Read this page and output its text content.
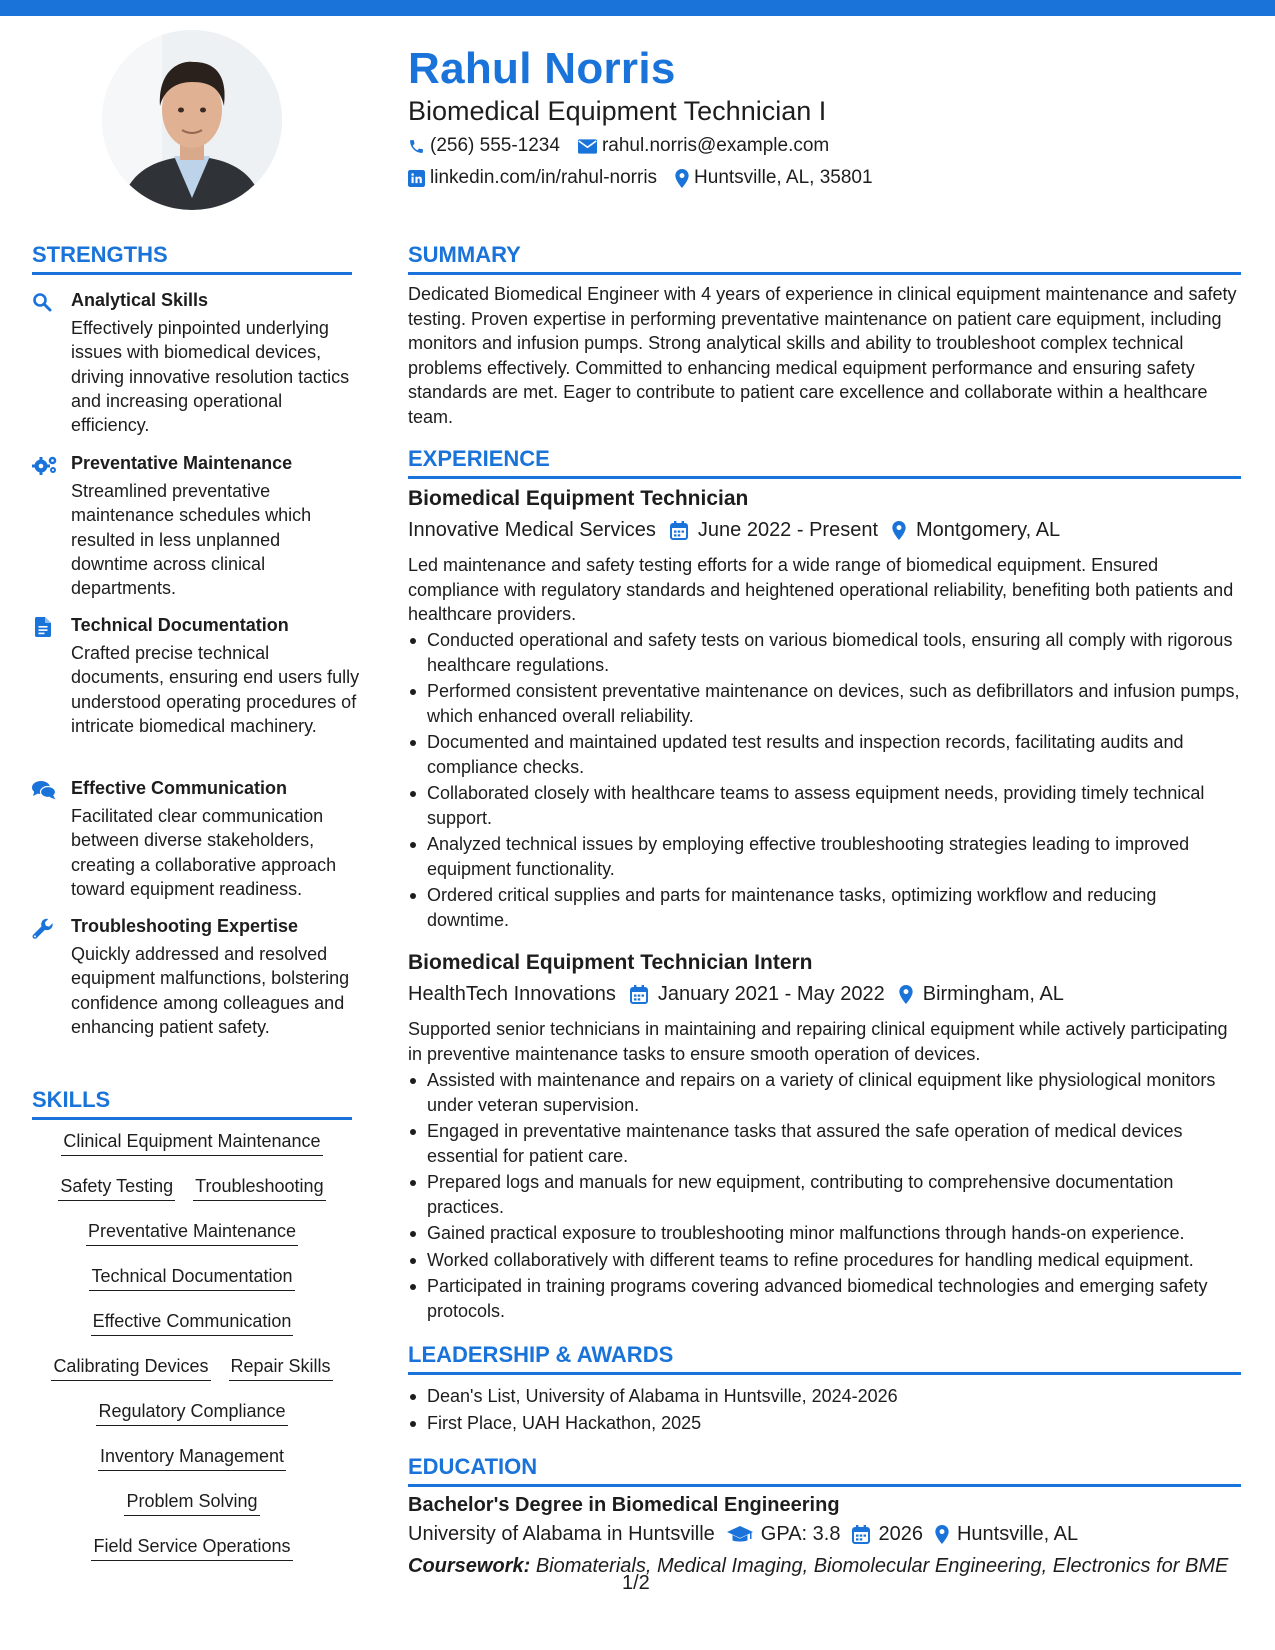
Rahul Norris
Biomedical Equipment Technician I
(256) 555-1234 rahul.norris@example.com
linkedin.com/in/rahul-norris Huntsville, AL, 35801
STRENGTHS
Analytical Skills
Effectively pinpointed underlying issues with biomedical devices, driving innovative resolution tactics and increasing operational efficiency.
Preventative Maintenance
Streamlined preventative maintenance schedules which resulted in less unplanned downtime across clinical departments.
Technical Documentation
Crafted precise technical documents, ensuring end users fully understood operating procedures of intricate biomedical machinery.
Effective Communication
Facilitated clear communication between diverse stakeholders, creating a collaborative approach toward equipment readiness.
Troubleshooting Expertise
Quickly addressed and resolved equipment malfunctions, bolstering confidence among colleagues and enhancing patient safety.
SKILLS
Clinical Equipment Maintenance
Safety Testing Troubleshooting
Preventative Maintenance
Technical Documentation
Effective Communication
Calibrating Devices Repair Skills
Regulatory Compliance
Inventory Management
Problem Solving
Field Service Operations
SUMMARY
Dedicated Biomedical Engineer with 4 years of experience in clinical equipment maintenance and safety testing. Proven expertise in performing preventative maintenance on patient care equipment, including monitors and infusion pumps. Strong analytical skills and ability to troubleshoot complex technical problems effectively. Committed to enhancing medical equipment performance and ensuring safety standards are met. Eager to contribute to patient care excellence and collaborate within a healthcare team.
EXPERIENCE
Biomedical Equipment Technician
Innovative Medical Services June 2022 - Present Montgomery, AL
Led maintenance and safety testing efforts for a wide range of biomedical equipment. Ensured compliance with regulatory standards and heightened operational reliability, benefiting both patients and healthcare providers.
Conducted operational and safety tests on various biomedical tools, ensuring all comply with rigorous healthcare regulations.
Performed consistent preventative maintenance on devices, such as defibrillators and infusion pumps, which enhanced overall reliability.
Documented and maintained updated test results and inspection records, facilitating audits and compliance checks.
Collaborated closely with healthcare teams to assess equipment needs, providing timely technical support.
Analyzed technical issues by employing effective troubleshooting strategies leading to improved equipment functionality.
Ordered critical supplies and parts for maintenance tasks, optimizing workflow and reducing downtime.
Biomedical Equipment Technician Intern
HealthTech Innovations January 2021 - May 2022 Birmingham, AL
Supported senior technicians in maintaining and repairing clinical equipment while actively participating in preventive maintenance tasks to ensure smooth operation of devices.
Assisted with maintenance and repairs on a variety of clinical equipment like physiological monitors under veteran supervision.
Engaged in preventative maintenance tasks that assured the safe operation of medical devices essential for patient care.
Prepared logs and manuals for new equipment, contributing to comprehensive documentation practices.
Gained practical exposure to troubleshooting minor malfunctions through hands-on experience.
Worked collaboratively with different teams to refine procedures for handling medical equipment.
Participated in training programs covering advanced biomedical technologies and emerging safety protocols.
LEADERSHIP & AWARDS
Dean's List, University of Alabama in Huntsville, 2024-2026
First Place, UAH Hackathon, 2025
EDUCATION
Bachelor's Degree in Biomedical Engineering
University of Alabama in Huntsville GPA: 3.8 2026 Huntsville, AL
Coursework: Biomaterials, Medical Imaging, Biomolecular Engineering, Electronics for BME
1/2
